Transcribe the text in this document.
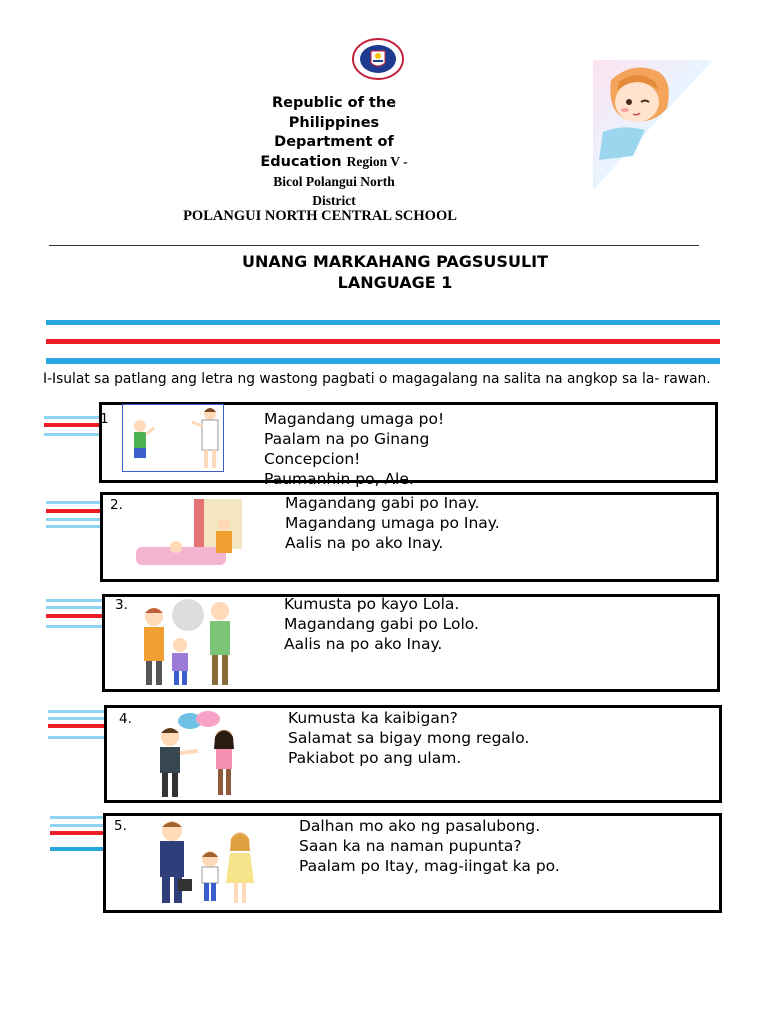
Republic of the
Philippines
Department of
Education Region V -
Bicol Polangui North
District
POLANGUI NORTH CENTRAL SCHOOL
UNANG MARKAHANG PAGSUSULIT
LANGUAGE 1
I-Isulat sa patlang ang letra ng wastong pagbati o magagalang na salita na angkop sa la- rawan.
1	Magandang umaga po!
Paalam na po Ginang
Concepcion!
Paumanhin po, Ale.
2.	Magandang gabi po Inay.
Magandang umaga po Inay.
Aalis na po ako Inay.
3.	Kumusta po kayo Lola.
Magandang gabi po Lolo.
Aalis na po ako Inay.
4.	Kumusta ka kaibigan?
Salamat sa bigay mong regalo.
Pakiabot po ang ulam.
5.	Dalhan mo ako ng pasalubong.
Saan ka na naman pupunta?
Paalam po Itay, mag-iingat ka po.
